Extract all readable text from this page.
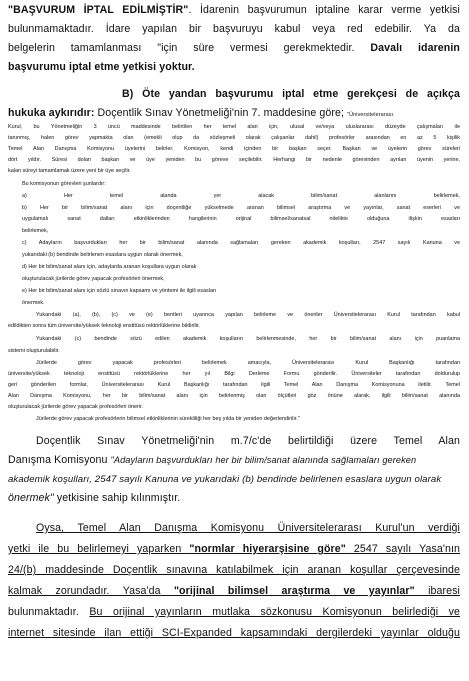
"BAŞVURUM İPTAL EDİLMİŞTİR". İdarenin başvurumun iptaline karar verme yetkisi
bulunmamaktadır. İdare yapılan bir başvuruyu kabul veya red edebilir. Ya da
belgelerin tamamlanması "için süre vermesi gerekmektedir. Davalı idarenin
başvurumu iptal etme yetkisi yoktur.
B) Öte yandan başvurumu iptal etme gerekçesi de açıkça
hukuka aykırıdır: Doçentlik Sınav Yönetmeliği'nin 7. maddesine göre; "Üniversitelerarası
Kurul, bu Yönetmeliğin 3 üncü maddesinde belirtilen her temel alan için, ulusal ve/veya uluslararası düzeyde çalışmaları ile
tanınmış, halen görev yapmakta olan (emekli olup da sözleşmeli olarak çalışanlar dahil) profesörler arasından en az 5 kişilik
Temel Alan Danışma Komisyonu üyelerini belirler. Komisyon, kendi içinden bir başkan seçer. Başkan ve üyelerin görev süreleri
dört yıldır. Süresi dolan başkan ve üye yeniden bu göreve seçilebilir. Herhangi bir nedenle görevinden ayrılan üyenin yerine,
kalan süreyi tamamlamak üzere yeni bir üye seçilir.
Bu komisyonun görevleri şunlardır:
a)	Her	temel	alanda	yer	alacak	bilim/sanat	alanlarını	belirlemek,
b) Her bir bilim/sanat alanı için doçentliğe yükselmede aranan bilimsel araştırma ve yayınlar, sanat eserleri ve
uygulamalı sanat dalları etkinliklerinden hangilerinin orijinal bilimsel/sanatsal nitelikte olduğuna ilişkin esasları
belirlemek,
c) Adayların başvurdukları her bir bilim/sanat alanında sağlamaları gereken akademik koşulları, 2547 sayılı Kanuna ve
yukarıdaki (b) bendinde belirlenen esaslara uygun olarak önermek,
d) Her bir bilim/sanat alanı için, adaylarda aranan koşullara uygun olarak
oluşturulacak jürilerde görev yapacak profesörleri önermek,
e) Her bir bilim/sanat alanı için sözlü sınavın kapsamı ve yöntemi ile ilgili esasları
önermek.
Yukarıdaki (a), (b), (c) ve (e) bentleri uyarınca yapılan belirleme ve öneriler Üniversitelerarası Kurul tarafından kabul
edildikten sonra tüm üniversite/yüksek teknoloji enstitüsü rektörlüklerine bildirilir.
Yukarıdaki (c) bendinde sözü edilen akademik koşulların belirlenmesinde, her bir bilim/sanat alanı için puanlama
sistemi oluşturulabilir.
Jürilerde görev yapacak profesörleri belirlemek amacıyla, Üniversitelerarası Kurul Başkanlığı tarafından
üniversite/yüksek teknoloji enstitüsü rektörlüklerine her yıl Bilgi Derleme Formu gönderilir. Üniversiteler tarafından doldurulup
geri gönderilen formlar, Üniversitelerarası Kurul Başkanlığı tarafından ilgili Temel Alan Danışma Komisyonuna iletilir. Temel
Alan Danışma Komisyonu, her bir bilim/sanat alanı için belirlenmiş olan ölçütleri göz önüne alarak, ilgili bilim/sanat alanında
oluşturulacak jürilerde görev yapacak profesörleri önerir.
Jürilerde görev yapacak profesörlerin bilimsel etkinliklerinin sürekliliği her beş yılda bir yeniden değerlendirilir."
Doçentlik Sınav Yönetmeliği'nin m.7/c'de belirtildiği üzere Temel Alan
Danışma Komisyonu "Adayların başvurdukları her bir bilim/sanat alanında sağlamaları gereken
akademik koşulları, 2547 sayılı Kanuna ve yukarıdaki (b) bendinde belirlenen esaslara uygun olarak
önermek" yetkisine sahip kılınmıştır.
Oysa, Temel Alan Danışma Komisyonu Üniversitelerarası Kurul'un verdiği
yetki ile bu belirlemeyi yaparken "normlar hiyerarşisine göre" 2547 sayılı Yasa'nın
24/(b) maddesinde Doçentlik sınavına katılabilmek için aranan koşullar çerçevesinde
kalmak zorundadır. Yasa'da "orijinal bilimsel araştırma ve yayınlar" ibaresi
bulunmaktadır. Bu orijinal yayınların mutlaka sözkonusu Komisyonun belirlediği ve
internet sitesinde ilan ettiği SCI-Expanded kapsamındaki dergilerdeki yayınlar olduğu
